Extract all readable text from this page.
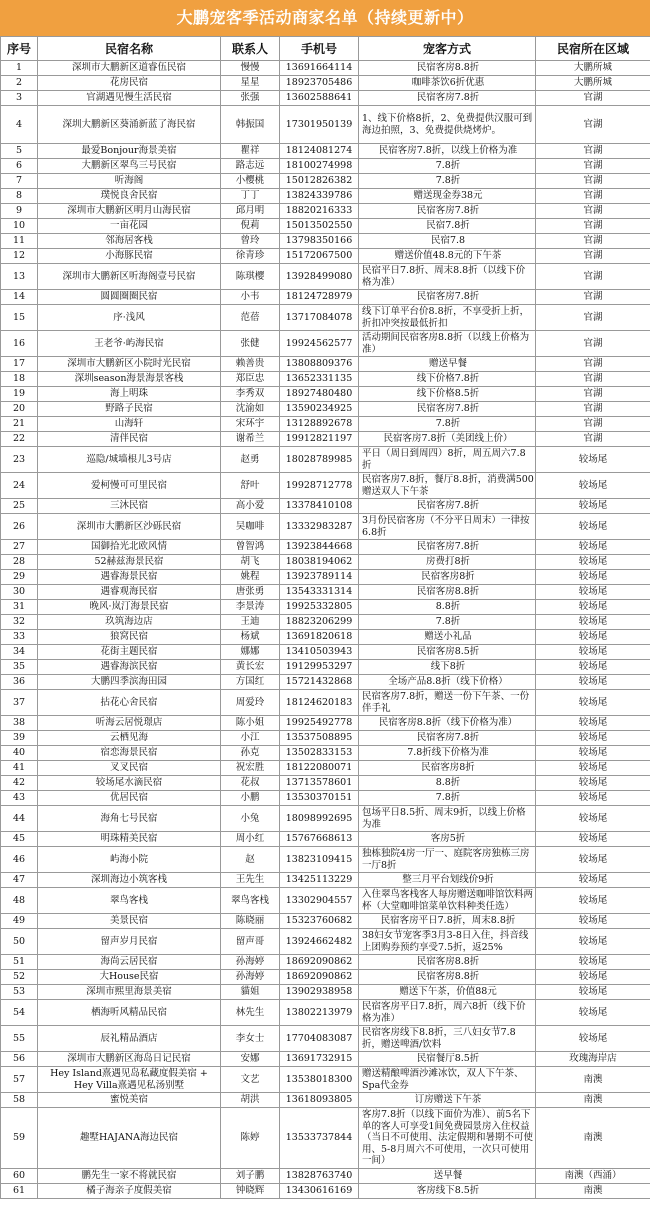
大鹏宠客季活动商家名单（持续更新中）
序号	民宿名称	联系人	手机号	宠客方式	民宿所在区域
1	深圳市大鹏新区道睿伍民宿	慢慢	13691664114	民宿客房8.8折	大鹏所城
2	花房民宿	星星	18923705486	咖啡茶饮6折优惠	大鹏所城
3	官湖遇见慢生活民宿	张强	13602588641	民宿客房7.8折	官湖
4	深圳大鹏新区葵涌新蓝了海民宿	韩振国	17301950139	1、线下价格8折，2、免费提供汉服可到海边拍照，3、免费提供烧烤炉。	官湖
5	最爱Bonjour海景美宿	瞿祥	18124081274	民宿客房7.8折，以线上价格为准	官湖
6	大鹏新区翠鸟三号民宿	路志远	18100274998	7.8折	官湖
7	听海阁	小樱桃	15012826382	7.8折	官湖
8	璞悦良舍民宿	丁丁	13824339786	赠送现金券38元	官湖
9	深圳市大鹏新区明月山海民宿	邱月明	18820216333	民宿客房7.8折	官湖
10	一亩花园	倪莉	15013502550	民宿7.8折	官湖
11	邻海居客栈	曾玲	13798350166	民宿7.8	官湖
12	小海豚民宿	徐青珍	15172067500	赠送价值48.8元的下午茶	官湖
13	深圳市大鹏新区听海阁壹号民宿	陈琪樱	13928499080	民宿平日7.8折、周末8.8折（以线下价格为准）	官湖
14	圆圆圈圈民宿	小韦	18124728979	民宿客房7.8折	官湖
15	序·浅风	范蓓	13717084078	线下订单平台价8.8折，不享受折上折，折扣冲突按最低折扣	官湖
16	王老爷·屿海民宿	张健	19924562577	活动期间民宿客房8.8折（以线上价格为准）	官湖
17	深圳市大鹏新区小院时光民宿	赖善贵	13808809376	赠送早餐	官湖
18	深圳season海景海景客栈	郑臣忠	13652331135	线下价格7.8折	官湖
19	海上明珠	李秀双	18927480480	线下价格8.5折	官湖
20	野路子民宿	沈渝如	13590234925	民宿客房7.8折	官湖
21	山海轩	宋环宇	13128892678	7.8折	官湖
22	清伴民宿	谢希兰	19912821197	民宿客房7.8折（美团线上价）	官湖
23	巡隐/城墙根儿3号店	赵勇	18028789985	平日（周日到周四）8折，周五周六7.8折	较场尾
24	爱柯慢可可里民宿	舒叶	19928712778	民宿客房7.8折，餐厅8.8折，消费满500赠送双人下午茶	较场尾
25	三沐民宿	高小爱	13378410108	民宿客房7.8折	较场尾
26	深圳市大鹏新区沙砾民宿	吴咖啡	13332983287	3月份民宿客房（不分平日周末）一律按6.8折	较场尾
27	国御拾光北欧风情	曾智鸿	13923844668	民宿客房7.8折	较场尾
28	52赫兹海景民宿	胡飞	18038194062	房费打8折	较场尾
29	遇睿海景民宿	姚程	13923789114	民宿客房8折	较场尾
30	遇睿观海民宿	唐张勇	13543331314	民宿客房8.8折	较场尾
31	晚风·岚汀海景民宿	李景涛	19925332805	8.8折	较场尾
32	玖筑海边店	王迪	18823206299	7.8折	较场尾
33	狼窝民宿	杨斌	13691820618	赠送小礼品	较场尾
34	花街主题民宿	娜娜	13410503943	民宿客房8.5折	较场尾
35	遇睿海滨民宿	黄长宏	19129953297	线下8折	较场尾
36	大鹏四季滨海田园	方国红	15721432868	全场产品8.8折（线下价格）	较场尾
37	拈花心舍民宿	周爱玲	18124620183	民宿客房7.8折，赠送一份下午茶、一份伴手礼	较场尾
38	听海云居悦璟店	陈小姐	19925492778	民宿客房8.8折（线下价格为准）	较场尾
39	云栖见海	小江	13537508895	民宿客房7.8折	较场尾
40	宿恋海景民宿	孙克	13502833153	7.8折线下价格为准	较场尾
41	叉叉民宿	祝宏胜	18122080071	民宿客房8折	较场尾
42	较场尾水滴民宿	花叔	13713578601	8.8折	较场尾
43	优居民宿	小鹏	13530370151	7.8折	较场尾
44	海角七号民宿	小兔	18098992695	包场平日8.5折、周末9折，以线上价格为准	较场尾
45	明珠精美民宿	周小红	15767668613	客房5折	较场尾
46	屿海小院	赵	13823109415	独栋独院4房一厅一、庭院客房独栋三房一厅8折	较场尾
47	深圳海边小筑客栈	王先生	13425113229	整三月平台划线价9折	较场尾
48	翠鸟客栈	翠鸟客栈	13302904557	入住翠鸟客栈客人每房赠送咖啡馆饮料两杯（大堂咖啡馆菜单饮料种类任选）	较场尾
49	美景民宿	陈晓丽	15323760682	民宿客房平日7.8折，周末8.8折	较场尾
50	留声岁月民宿	留声哥	13924662482	38妇女节宠客季3月3-8日入住，抖音线上团购券预约享受7.5折，返25%	较场尾
51	海尚云居民宿	孙海婷	18692090862	民宿客房8.8折	较场尾
52	大House民宿	孙海婷	18692090862	民宿客房8.8折	较场尾
53	深圳市熙里海景美宿	貓姐	13902938958	赠送下午茶，价值88元	较场尾
54	栖海听风精品民宿	林先生	13802213979	民宿客房平日7.8折，周六8折（线下价格为准）	较场尾
55	辰礼精品酒店	李女士	17704083087	民宿客房线下8.8折，三八妇女节7.8折，赠送啤酒/饮料	较场尾
56	深圳市大鹏新区海岛日记民宿	安娜	13691732915	民宿餐厅8.5折	玫瑰海岸店
57	Hey Island熹遇见岛私藏度假美宿 + Hey Villa熹遇见私汤别墅	文艺	13538018300	赠送精酿啤酒沙滩冰饮，双人下午茶、Spa代金券	南澳
58	蜜悦美宿	胡洪	13618093805	订房赠送下午茶	南澳
59	趣墅HAJANA海边民宿	陈婷	13533737844	客房7.8折（以线下面价为准）、前5名下单的客人可享受1间免费园景房入住权益（当日不可使用、法定假期和暑期不可使用、5-8月周六不可使用，一次只可使用一间）	南澳
60	鹏先生一家不将就民宿	刘子鹏	13828763740	送早餐	南澳（西涌）
61	橘子海亲子度假美宿	钟晓辉	13430616169	客房线下8.5折	南澳
